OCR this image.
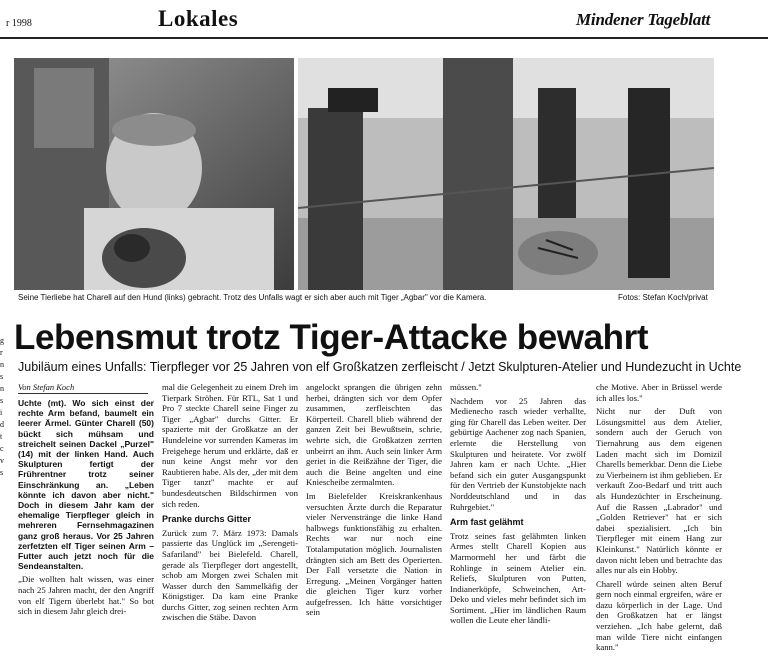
r 1998	Lokales	Mindener Tageblatt
Seine Tierliebe hat Charell auf den Hund (links) gebracht. Trotz des Unfalls wagt er sich aber auch mit Tiger „Agbar" vor die Kamera.	Fotos: Stefan Koch/privat
Lebensmut trotz Tiger-Attacke bewahrt
Jubiläum eines Unfalls: Tierpfleger vor 25 Jahren von elf Großkatzen zerfleischt / Jetzt Skulpturen-Atelier und Hundezucht in Uchte
Von Stefan Koch
g
r
n
s
n
s
i
d
t
c
v
s

Uchte (mt). Wo sich einst der rechte Arm befand, baumelt ein leerer Ärmel. Günter Charell (50) bückt sich mühsam und streichelt seinen Dackel „Purzel" (14) mit der linken Hand. Auch Skulpturen fertigt der Frührentner trotz seiner Einschränkung an. „Leben könnte ich davon aber nicht." Doch in diesem Jahr kam der ehemalige Tierpfleger gleich in mehreren Fernsehmagazinen ganz groß heraus. Vor 25 Jahren zerfetzten elf Tiger seinen Arm – Futter auch jetzt noch für die Sendeanstalten.

„Die wollten halt wissen, was einer nach 25 Jahren macht, der den Angriff von elf Tigern überlebt hat." So bot sich in diesem Jahr gleich drei-

mal die Gelegenheit zu einem Dreh im Tierpark Ströhen. Für RTL, Sat 1 und Pro 7 steckte Charell seine Finger zu Tiger „Agbar" durchs Gitter. Er spazierte mit der Großkatze an der Hundeleine vor surrenden Kameras im Freigehege herum und erklärte, daß er nun keine Angst mehr vor den Raubtieren habe. Als der, „der mit dem Tiger tanzt" machte er auf bundesdeutschen Bildschirmen von sich reden.

Pranke durchs Gitter

Zurück zum 7. März 1973: Damals passierte das Unglück im „Serengeti-Safariland" bei Bielefeld. Charell, gerade als Tierpfleger dort angestellt, schob am Morgen zwei Schalen mit Wasser durch den Sammelkäfig der Königstiger. Da kam eine Pranke durchs Gitter, zog seinen rechten Arm zwischen die Stäbe. Davon

angelockt sprangen die übrigen zehn herbei, drängten sich vor dem Opfer zusammen, zerfleischten das Körperteil. Charell blieb während der ganzen Zeit bei Bewußtsein, schrie, wehrte sich, die Großkatzen zerrten unbeirrt an ihm. Auch sein linker Arm geriet in die Reißzähne der Tiger, die auch die Beine angelten und eine Kniescheibe zermalmten.

Im Bielefelder Kreiskrankenhaus versuchten Ärzte durch die Reparatur vieler Nervenstränge die linke Hand halbwegs funktionsfähig zu erhalten. Rechts war nur noch eine Totalamputation möglich. Journalisten drängten sich am Bett des Operierten. Der Fall versetzte die Nation in Erregung. „Meinen Vorgänger hatten die gleichen Tiger kurz vorher aufgefressen. Ich hätte vorsichtiger sein

müssen."

Nachdem vor 25 Jahren das Medienecho rasch wieder verhallte, ging für Charell das Leben weiter. Der gebürtige Aachener zog nach Spanien, erlernte die Herstellung von Skulpturen und heiratete. Vor zwölf Jahren kam er nach Uchte. „Hier befand sich ein guter Ausgangspunkt für den Vertrieb der Kunstobjekte nach Norddeutschland und in das Ruhrgebiet."

Arm fast gelähmt

Trotz seines fast gelähmten linken Armes stellt Charell Kopien aus Marmormehl her und färbt die Rohlinge in seinem Atelier ein. Reliefs, Skulpturen von Putten, Indianerköpfe, Schweinchen, Art-Deko und vieles mehr befindet sich im Sortiment. „Hier im ländlichen Raum wollen die Leute eher ländli-

che Motive. Aber in Brüssel werde ich alles los."

Nicht nur der Duft von Lösungsmittel aus dem Atelier, sondern auch der Geruch von Tiernahrung aus dem eigenen Laden macht sich im Domizil Charells bemerkbar. Denn die Liebe zu Vierbeinern ist ihm geblieben. Er verkauft Zoo-Bedarf und tritt auch als Hundezüchter in Erscheinung. Auf die Rassen „Labrador" und „Golden Retriever" hat er sich dabei spezialisiert. „Ich bin Tierpfleger mit einem Hang zur Kleinkunst." Natürlich könnte er davon nicht leben und betrachte das alles nur als ein Hobby.

Charell würde seinen alten Beruf gern noch einmal ergreifen, wäre er dazu körperlich in der Lage. Und den Großkatzen hat er längst verziehen. „Ich habe gelernt, daß man wilde Tiere nicht einfangen kann."
